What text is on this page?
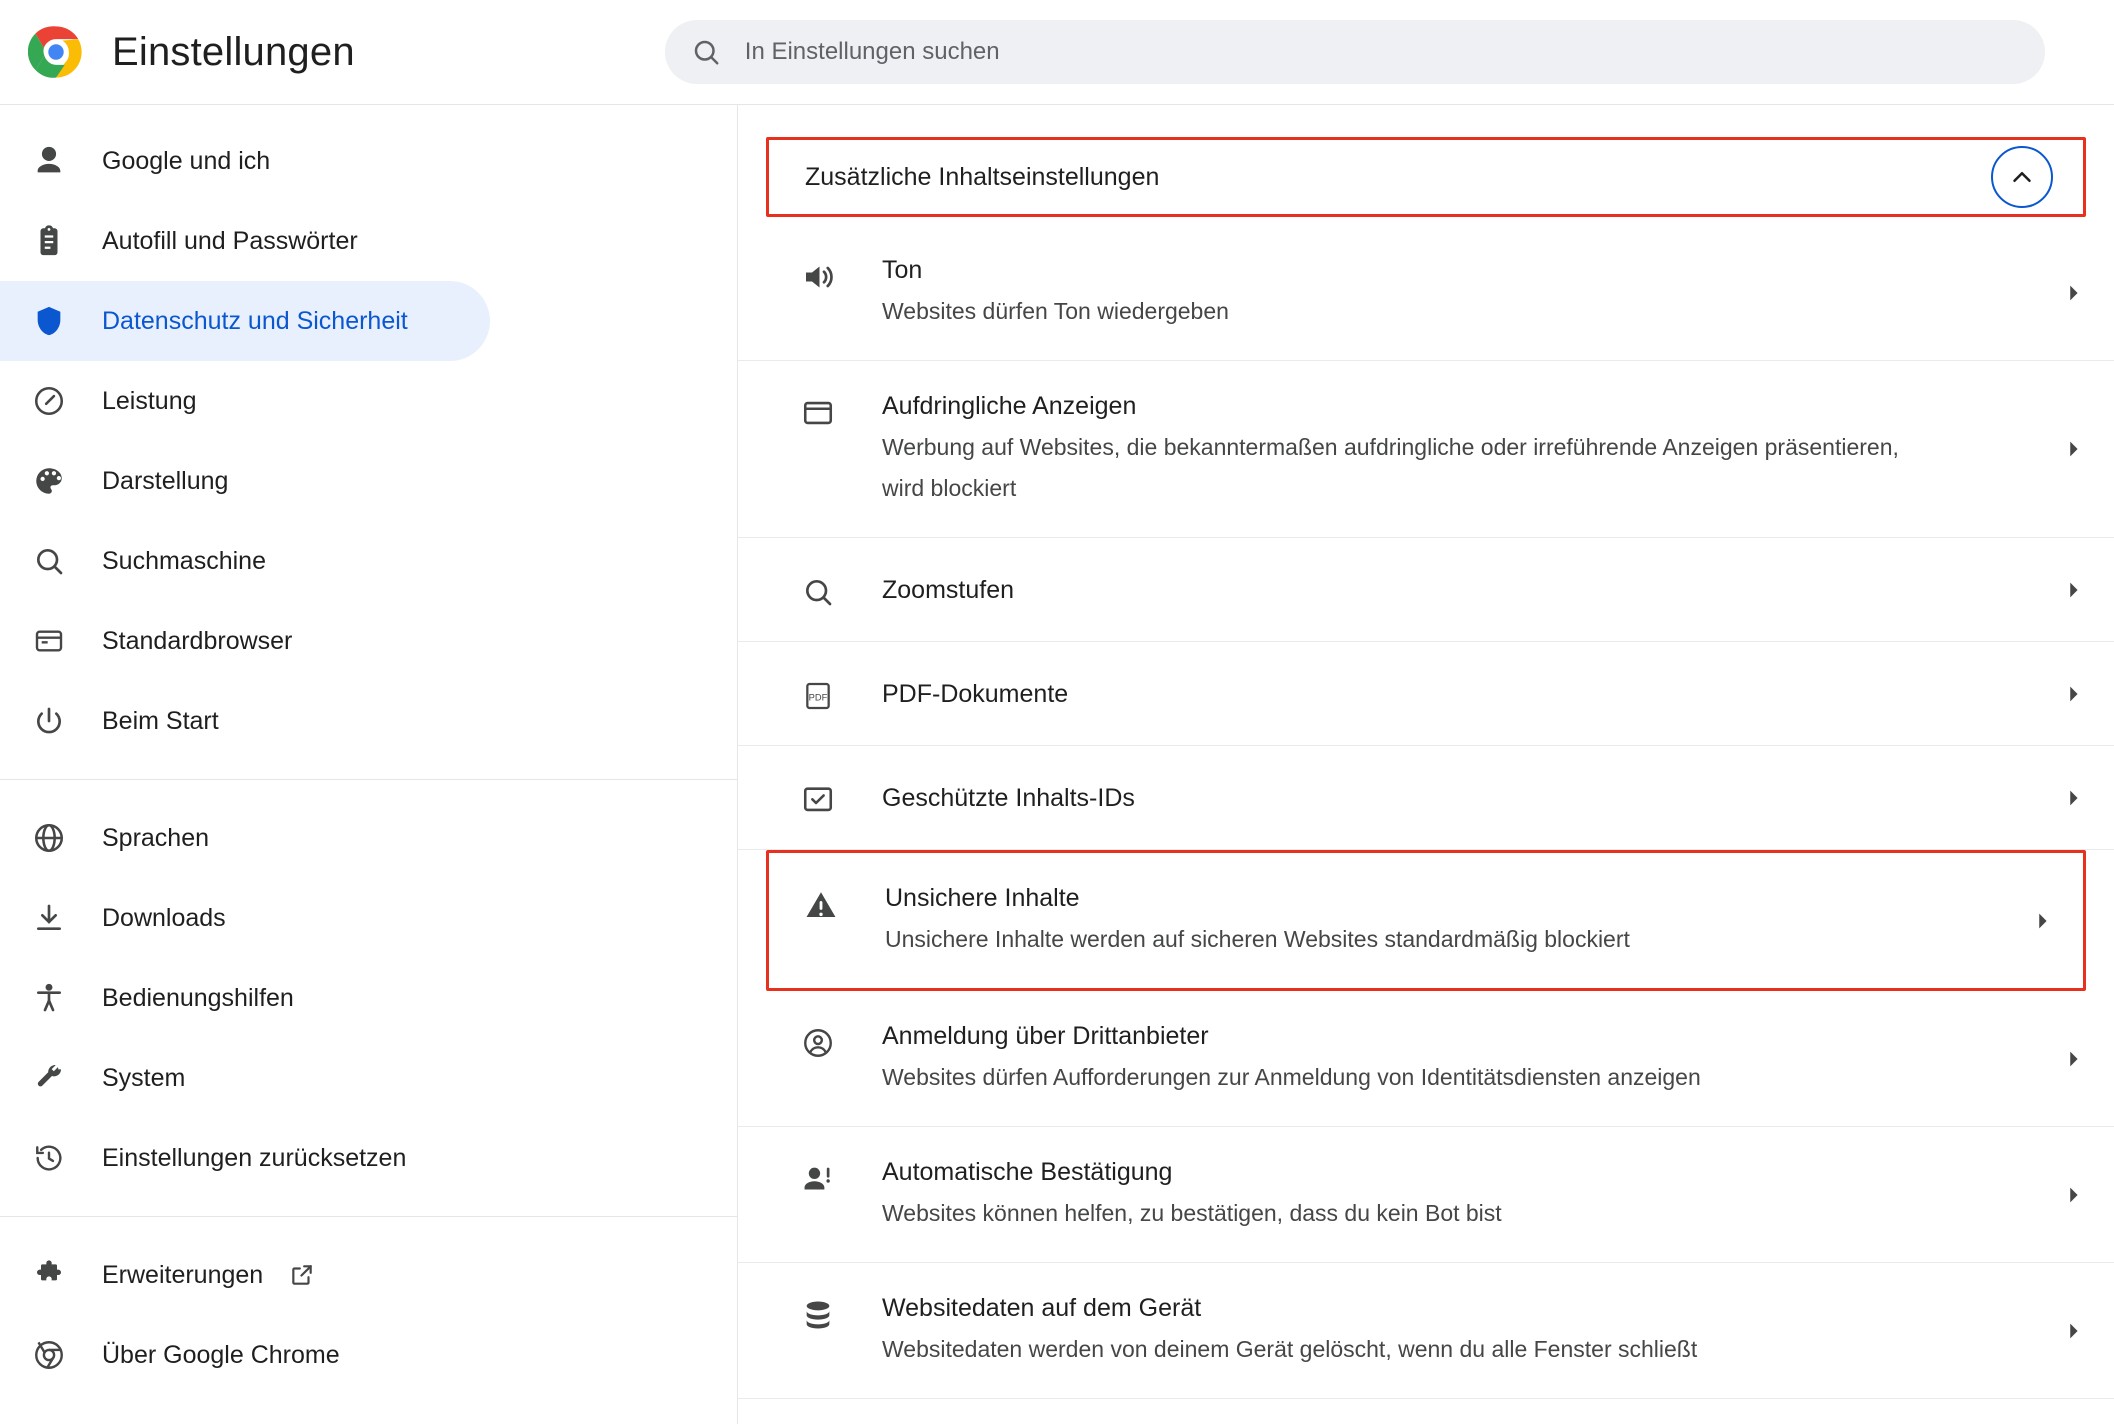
Einstellungen
In Einstellungen suchen
Google und ich
Autofill und Passwörter
Datenschutz und Sicherheit
Leistung
Darstellung
Suchmaschine
Standardbrowser
Beim Start
Sprachen
Downloads
Bedienungshilfen
System
Einstellungen zurücksetzen
Erweiterungen
Über Google Chrome
Zusätzliche Inhaltseinstellungen
Ton
Websites dürfen Ton wiedergeben
Aufdringliche Anzeigen
Werbung auf Websites, die bekanntermaßen aufdringliche oder irreführende Anzeigen präsentieren, wird blockiert
Zoomstufen
PDF PDF-Dokumente
Geschützte Inhalts-IDs
Unsichere Inhalte
Unsichere Inhalte werden auf sicheren Websites standardmäßig blockiert
Anmeldung über Drittanbieter
Websites dürfen Aufforderungen zur Anmeldung von Identitätsdiensten anzeigen
Automatische Bestätigung
Websites können helfen, zu bestätigen, dass du kein Bot bist
Websitedaten auf dem Gerät
Websitedaten werden von deinem Gerät gelöscht, wenn du alle Fenster schließt
